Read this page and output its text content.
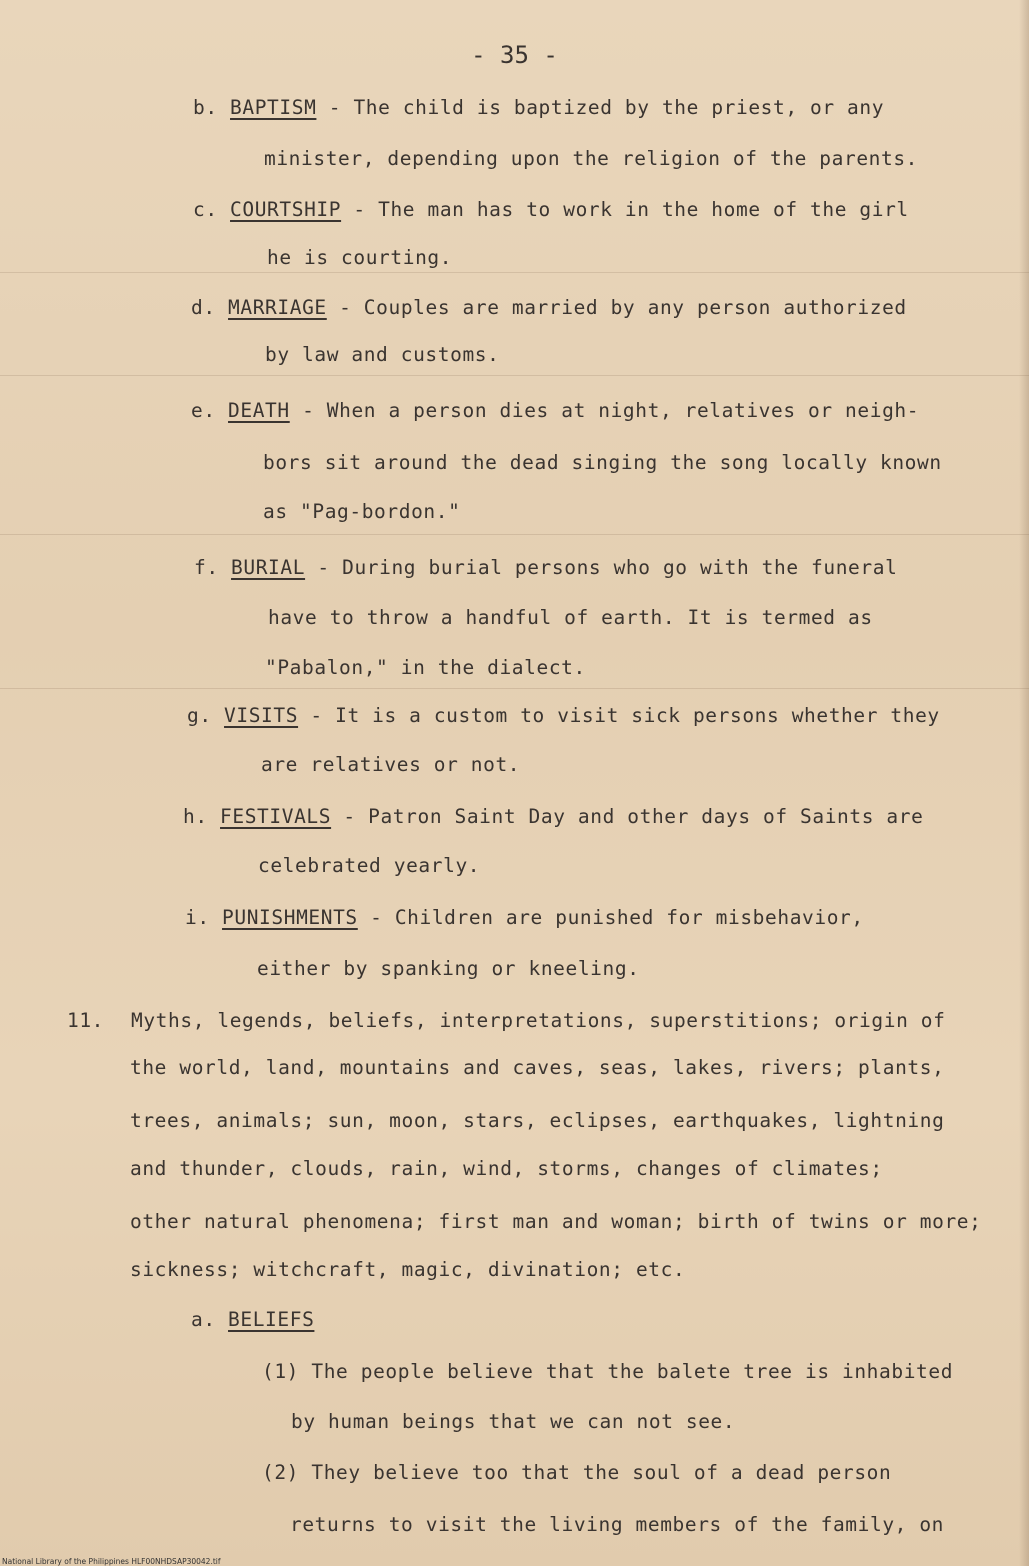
- 35 -
b. BAPTISM - The child is baptized by the priest, or any
minister, depending upon the religion of the parents.
c. COURTSHIP - The man has to work in the home of the girl
he is courting.
d. MARRIAGE - Couples are married by any person authorized
by law and customs.
e. DEATH - When a person dies at night, relatives or neigh-
bors sit around the dead singing the song locally known
as "Pag-bordon."
f. BURIAL - During burial persons who go with the funeral
have to throw a handful of earth. It is termed as
"Pabalon," in the dialect.
g. VISITS - It is a custom to visit sick persons whether they
are relatives or not.
h. FESTIVALS - Patron Saint Day and other days of Saints are
celebrated yearly.
i. PUNISHMENTS - Children are punished for misbehavior,
either by spanking or kneeling.
11. Myths, legends, beliefs, interpretations, superstitions; origin of
the world, land, mountains and caves, seas, lakes, rivers; plants,
trees, animals; sun, moon, stars, eclipses, earthquakes, lightning
and thunder, clouds, rain, wind, storms, changes of climates;
other natural phenomena; first man and woman; birth of twins or more;
sickness; witchcraft, magic, divination; etc.
a. BELIEFS
(1) The people believe that the balete tree is inhabited
by human beings that we can not see.
(2) They believe too that the soul of a dead person
returns to visit the living members of the family, on
National Library of the Philippines HLF00NHDSAP30042.tif
